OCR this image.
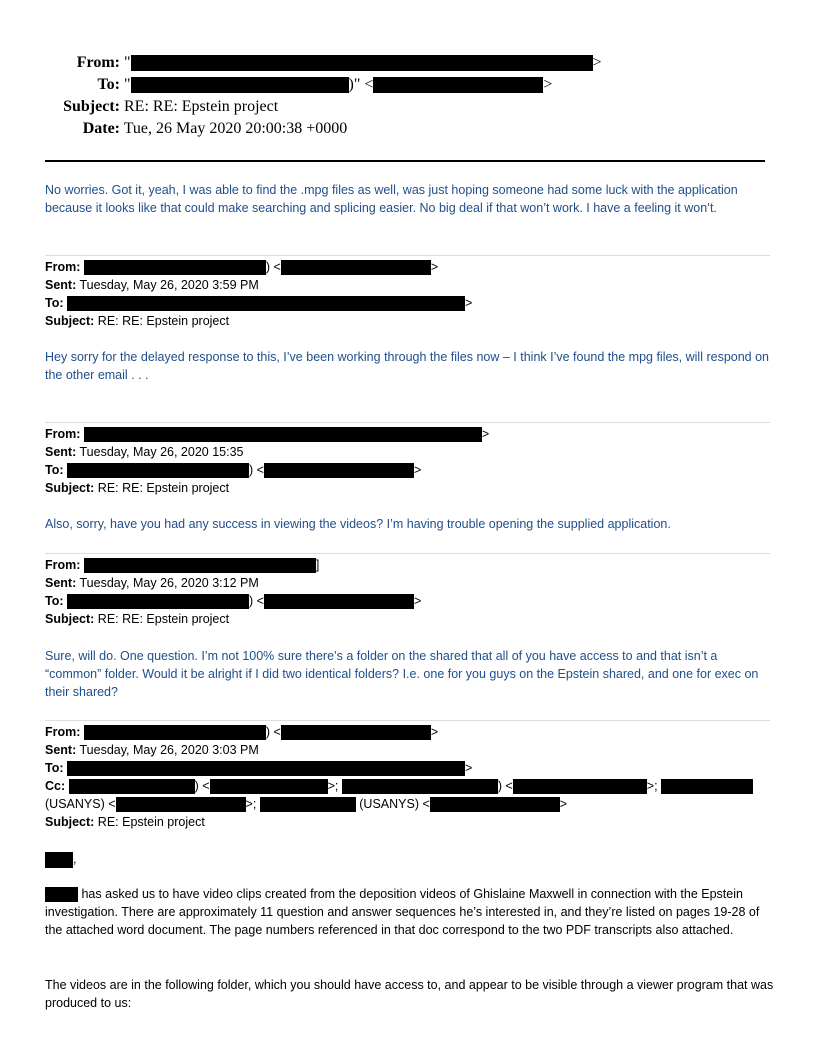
From: "	>
To: "	)" <	>
Subject: RE: RE: Epstein project
Date: Tue, 26 May 2020 20:00:38 +0000
No worries. Got it, yeah, I was able to find the .mpg files as well, was just hoping someone had some luck with the application because it looks like that could make searching and splicing easier. No big deal if that won’t work. I have a feeling it won’t.
From:	) <	>
Sent: Tuesday, May 26, 2020 3:59 PM
To:	>
Subject: RE: RE: Epstein project
Hey sorry for the delayed response to this, I’ve been working through the files now – I think I’ve found the mpg files, will respond on the other email . . .
From:	>
Sent: Tuesday, May 26, 2020 15:35
To:	) <	>
Subject: RE: RE: Epstein project
Also, sorry, have you had any success in viewing the videos? I’m having trouble opening the supplied application.
From:	]
Sent: Tuesday, May 26, 2020 3:12 PM
To:	) <	>
Subject: RE: RE: Epstein project
Sure, will do. One question. I’m not 100% sure there’s a folder on the shared that all of you have access to and that isn’t a “common” folder. Would it be alright if I did two identical folders? I.e. one for you guys on the Epstein shared, and one for exec on their shared?
From:	) <	>
Sent: Tuesday, May 26, 2020 3:03 PM
To:	>
Cc:	) <	>;	) <	>;
(USANYS) <	>;	(USANYS) <	>
Subject: RE: Epstein project
,
has asked us to have video clips created from the deposition videos of Ghislaine Maxwell in connection with the Epstein investigation. There are approximately 11 question and answer sequences he’s interested in, and they’re listed on pages 19-28 of the attached word document. The page numbers referenced in that doc correspond to the two PDF transcripts also attached.
The videos are in the following folder, which you should have access to, and appear to be visible through a viewer program that was produced to us:
